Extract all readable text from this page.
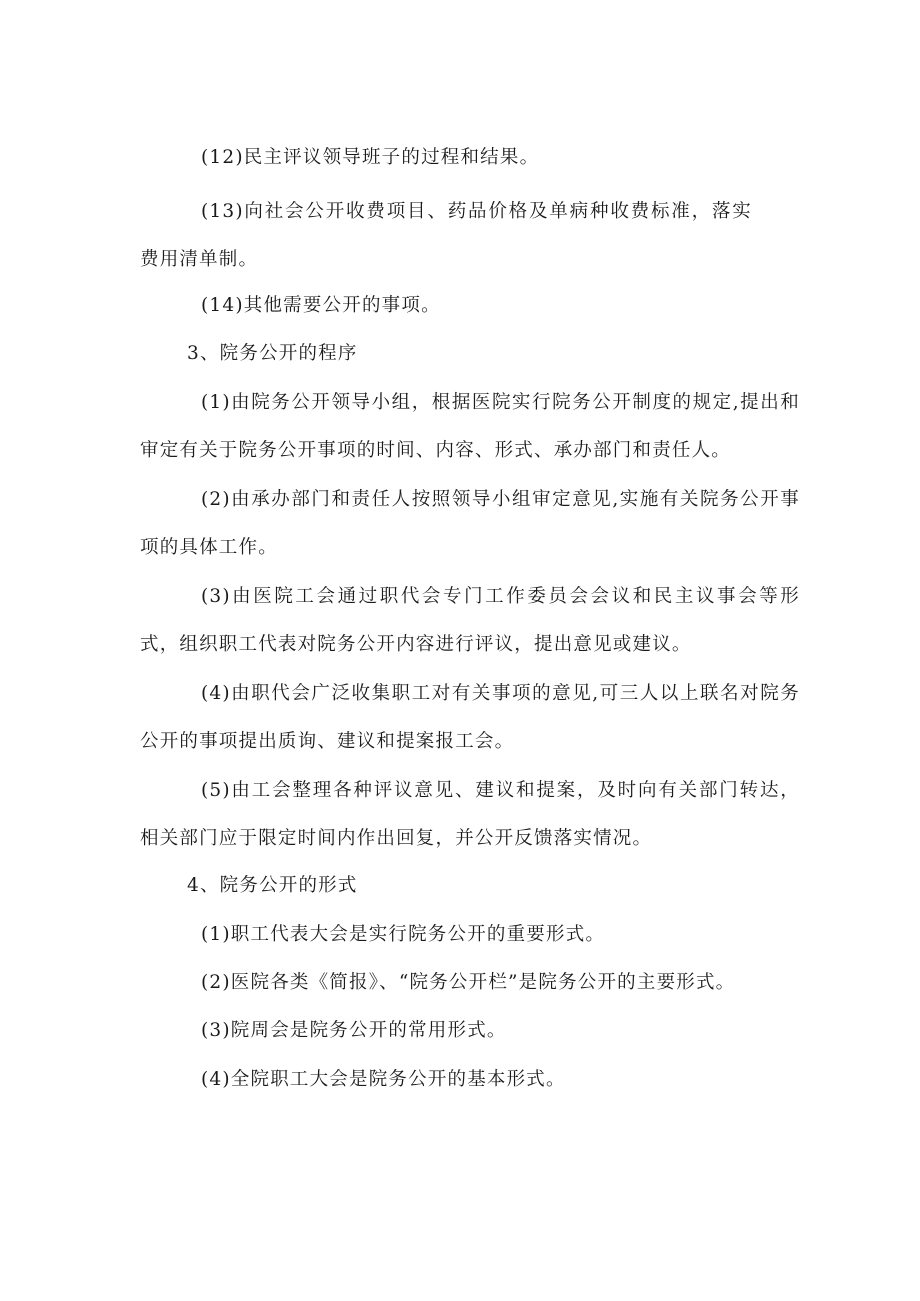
(12)民主评议领导班子的过程和结果。

(13)向社会公开收费项目、药品价格及单病种收费标准，落实费用清单制。

(14)其他需要公开的事项。

3、院务公开的程序

(1)由院务公开领导小组，根据医院实行院务公开制度的规定,提出和审定有关于院务公开事项的时间、内容、形式、承办部门和责任人。

(2)由承办部门和责任人按照领导小组审定意见,实施有关院务公开事项的具体工作。

(3)由医院工会通过职代会专门工作委员会会议和民主议事会等形式，组织职工代表对院务公开内容进行评议，提出意见或建议。

(4)由职代会广泛收集职工对有关事项的意见,可三人以上联名对院务公开的事项提出质询、建议和提案报工会。

(5)由工会整理各种评议意见、建议和提案，及时向有关部门转达，相关部门应于限定时间内作出回复，并公开反馈落实情况。

4、院务公开的形式

(1)职工代表大会是实行院务公开的重要形式。

(2)医院各类《简报》、“院务公开栏”是院务公开的主要形式。

(3)院周会是院务公开的常用形式。

(4)全院职工大会是院务公开的基本形式。
